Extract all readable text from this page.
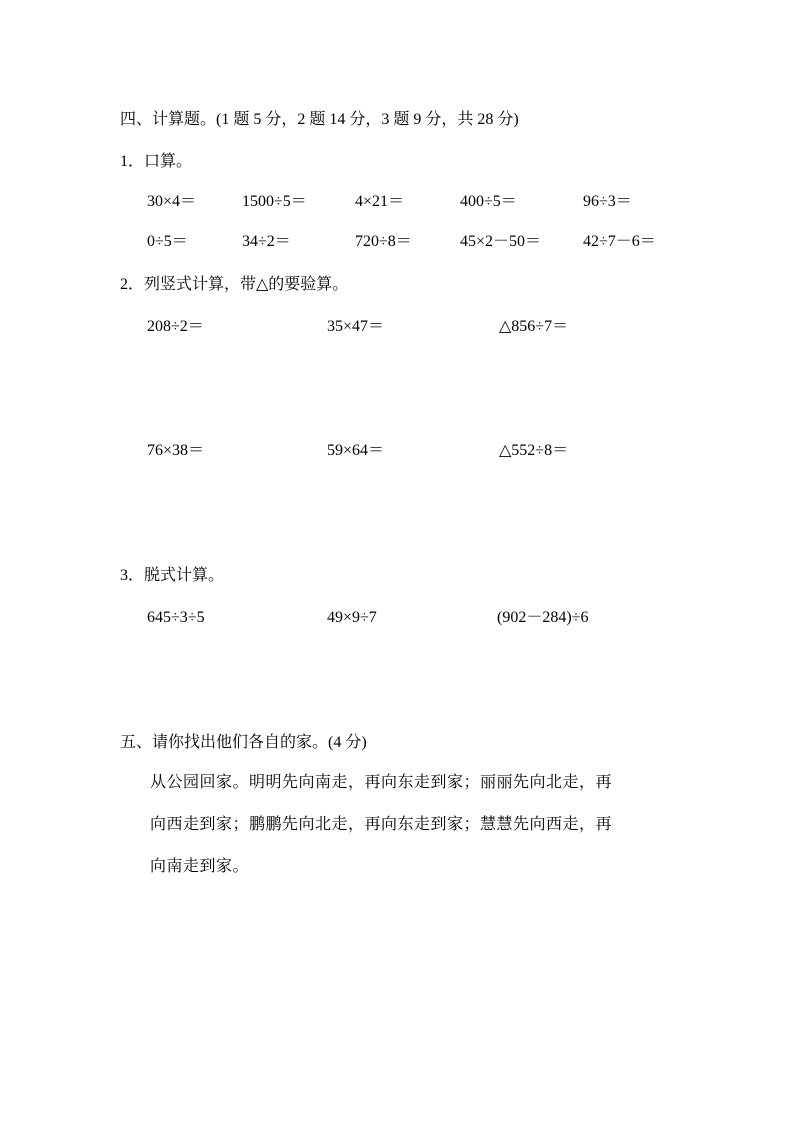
四、计算题。(1 题 5 分，2 题 14 分，3 题 9 分，共 28 分)
1．口算。
30×4＝	1500÷5＝	4×21＝	400÷5＝	96÷3＝
0÷5＝	34÷2＝	720÷8＝	45×2－50＝	42÷7－6＝
2．列竖式计算，带△的要验算。
208÷2＝	35×47＝	△856÷7＝
76×38＝	59×64＝	△552÷8＝
3．脱式计算。
645÷3÷5	49×9÷7	(902－284)÷6
五、请你找出他们各自的家。(4 分)
从公园回家。明明先向南走，再向东走到家；丽丽先向北走，再
向西走到家；鹏鹏先向北走，再向东走到家；慧慧先向西走，再
向南走到家。
